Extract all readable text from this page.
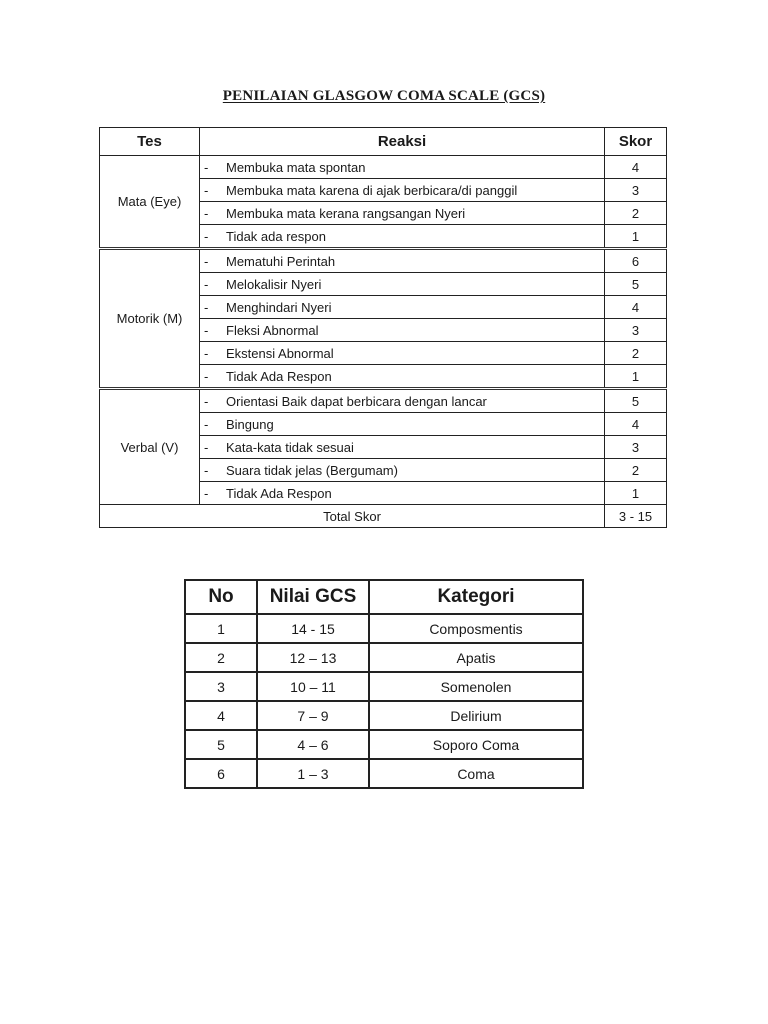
PENILAIAN GLASGOW COMA SCALE (GCS)
Tes	Reaksi	Skor
Mata (Eye)	- Membuka mata spontan	4
	- Membuka mata karena di ajak berbicara/di panggil	3
	- Membuka mata kerana rangsangan Nyeri	2
	- Tidak ada respon	1
Motorik (M)	- Mematuhi Perintah	6
	- Melokalisir Nyeri	5
	- Menghindari Nyeri	4
	- Fleksi Abnormal	3
	- Ekstensi Abnormal	2
	- Tidak Ada Respon	1
Verbal (V)	- Orientasi Baik dapat berbicara dengan lancar	5
	- Bingung	4
	- Kata-kata tidak sesuai	3
	- Suara tidak jelas (Bergumam)	2
	- Tidak Ada Respon	1
Total Skor		3 - 15
No	Nilai GCS	Kategori
1	14 - 15	Composmentis
2	12 – 13	Apatis
3	10 – 11	Somenolen
4	7 – 9	Delirium
5	4 – 6	Soporo Coma
6	1 – 3	Coma
